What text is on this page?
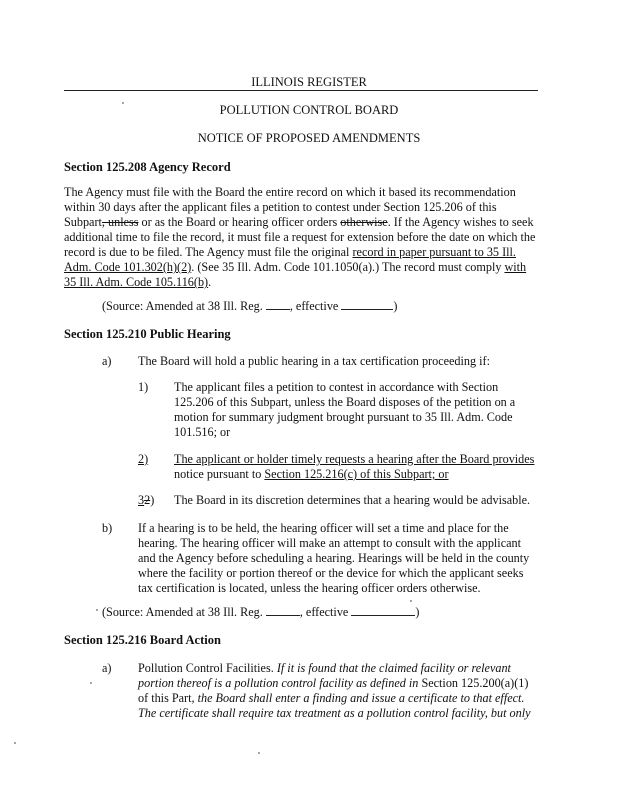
ILLINOIS REGISTER
POLLUTION CONTROL BOARD
NOTICE OF PROPOSED AMENDMENTS
Section 125.208 Agency Record
The Agency must file with the Board the entire record on which it based its recommendation
within 30 days after the applicant files a petition to contest under Section 125.206 of this
Subpart, unless or as the Board or hearing officer orders otherwise. If the Agency wishes to seek
additional time to file the record, it must file a request for extension before the date on which the
record is due to be filed. The Agency must file the original record in paper pursuant to 35 Ill.
Adm. Code 101.302(h)(2). (See 35 Ill. Adm. Code 101.1050(a).) The record must comply with
35 Ill. Adm. Code 105.116(b).
(Source: Amended at 38 Ill. Reg. , effective	)
Section 125.210 Public Hearing
a) The Board will hold a public hearing in a tax certification proceeding if:
1) The applicant files a petition to contest in accordance with Section
125.206 of this Subpart, unless the Board disposes of the petition on a
motion for summary judgment brought pursuant to 35 Ill. Adm. Code
101.516; or
2) The applicant or holder timely requests a hearing after the Board provides
notice pursuant to Section 125.216(c) of this Subpart; or
32) The Board in its discretion determines that a hearing would be advisable.
b) If a hearing is to be held, the hearing officer will set a time and place for the
hearing. The hearing officer will make an attempt to consult with the applicant
and the Agency before scheduling a hearing. Hearings will be held in the county
where the facility or portion thereof or the device for which the applicant seeks
tax certification is located, unless the hearing officer orders otherwise.
(Source: Amended at 38 Ill. Reg.	, effective	)
Section 125.216 Board Action
a) Pollution Control Facilities. If it is found that the claimed facility or relevant
portion thereof is a pollution control facility as defined in Section 125.200(a)(1)
of this Part, the Board shall enter a finding and issue a certificate to that effect.
The certificate shall require tax treatment as a pollution control facility, but only
